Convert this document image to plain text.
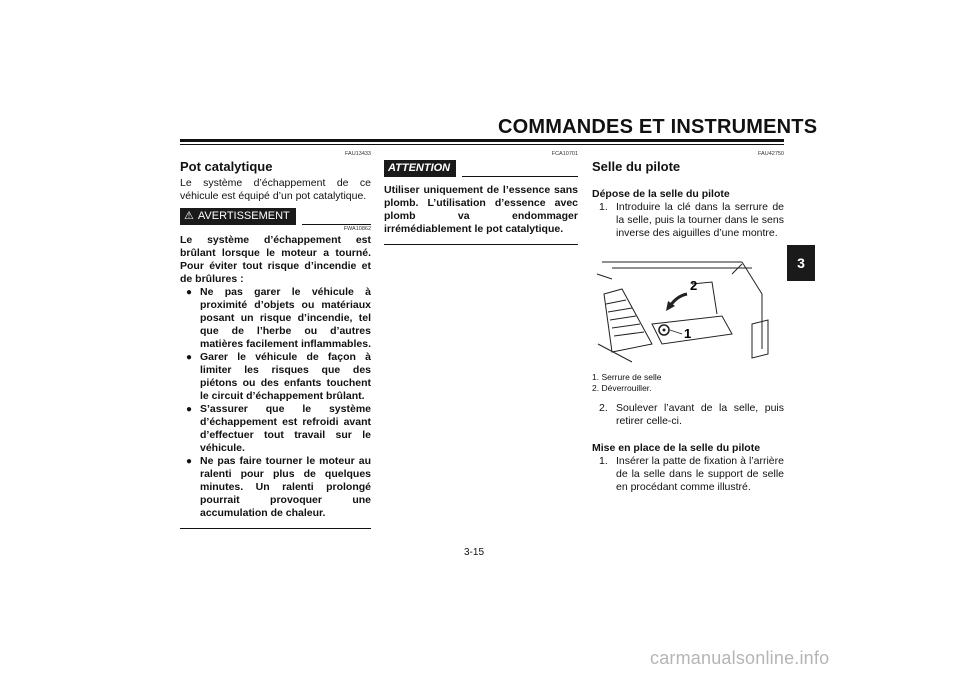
COMMANDES ET INSTRUMENTS
3
FAU13433
Pot catalytique

Le système d’échappement de ce véhicule est équipé d’un pot catalytique.

⚠ AVERTISSEMENT
FWA10862

Le système d’échappement est brûlant lorsque le moteur a tourné. Pour éviter tout risque d’incendie et de brûlures :

● Ne pas garer le véhicule à proximité d’objets ou matériaux posant un risque d’incendie, tel que de l’herbe ou d’autres matières facilement inflammables.
● Garer le véhicule de façon à limiter les risques que des piétons ou des enfants touchent le circuit d’échappement brûlant.
● S’assurer que le système d’échappement est refroidi avant d’effectuer tout travail sur le véhicule.
● Ne pas faire tourner le moteur au ralenti pour plus de quelques minutes. Un ralenti prolongé pourrait provoquer une accumulation de chaleur.
FCA10701
ATTENTION

Utiliser uniquement de l’essence sans plomb. L’utilisation d’essence avec plomb va endommager irrémédiablement le pot catalytique.

FAU42750
Selle du pilote

Dépose de la selle du pilote

1. Introduire la clé dans la serrure de la selle, puis la tourner dans le sens inverse des aiguilles d’une montre.
1
2
1. Serrure de selle
2. Déverrouiller.
2. Soulever l’avant de la selle, puis retirer celle-ci.

Mise en place de la selle du pilote

1. Insérer la patte de fixation à l’arrière de la selle dans le support de selle en procédant comme illustré.
3-15
carmanualsonline.info
